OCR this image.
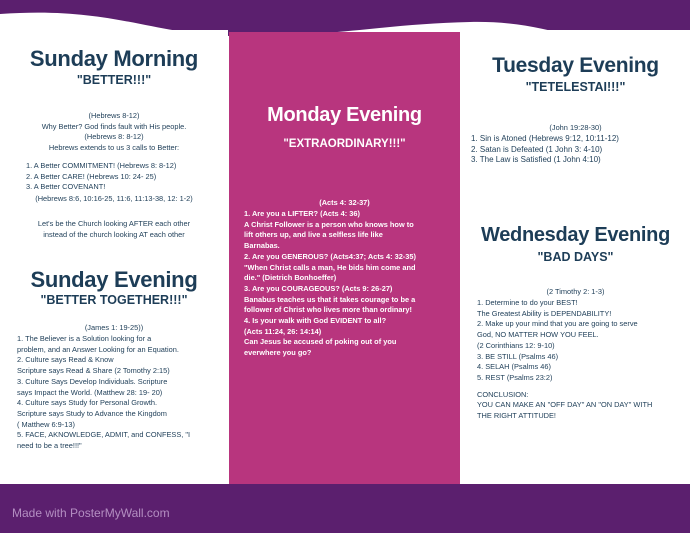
Sunday Morning
"BETTER!!!"
(Hebrews 8-12)
Why Better? God finds fault with His people.
(Hebrews 8: 8-12)
Hebrews extends to us 3 calls to Better:
1. A Better COMMITMENT! (Hebrews 8: 8-12)
2. A Better CARE! (Hebrews 10: 24- 25)
3. A Better COVENANT!
(Hebrews 8:6, 10:16-25, 11:6, 11:13-38, 12: 1-2)
Let's be the Church looking AFTER each other
instead of the church looking AT each other
Sunday Evening
"BETTER TOGETHER!!!"
(James 1: 19-25))
1. The Believer is a Solution looking for a
problem, and an Answer Looking for an Equation.
2. Culture says Read & Know
Scripture says Read & Share (2 Tomothy 2:15)
3. Culture Says Develop Individuals. Scripture
says Impact the World. (Matthew 28: 19- 20)
4. Culture says Study for Personal Growth.
Scripture says Study to Advance the Kingdom
( Matthew 6:9-13)
5. FACE, AKNOWLEDGE, ADMIT, and CONFESS, "I
need to be a tree!!!"
Monday Evening
"EXTRAORDINARY!!!"
(Acts 4: 32-37)
1. Are you a LIFTER? (Acts 4: 36)
A Christ Follower is a person who knows how to
lift others up, and live a selfless life like
Barnabas.
2. Are you GENEROUS? (Acts4:37; Acts 4: 32-35)
"When Christ calls a man, He bids him come and
die." (Dietrich Bonhoeffer)
3. Are you COURAGEOUS? (Acts 9: 26-27)
Banabus teaches us that it takes courage to be a
follower of Christ who lives more than ordinary!
4. Is your walk with God EVIDENT to all?
(Acts 11:24, 26: 14:14)
Can Jesus be accused of poking out of you
everwhere you go?
Tuesday Evening
"TETELESTAI!!!"
(John 19:28-30)
1. Sin is Atoned (Hebrews 9:12, 10:11-12)
2. Satan is Defeated (1 John 3: 4-10)
3. The Law is Satisfied (1 John 4:10)
Wednesday Evening
"BAD DAYS"
(2 Timothy 2: 1-3)
1. Determine to do your BEST!
The Greatest Ability is DEPENDABILITY!
2. Make up your mind that you are going to serve
God, NO MATTER HOW YOU FEEL.
(2 Corinthians 12: 9-10)
3. BE STILL (Psalms 46)
4. SELAH (Psalms 46)
5. REST (Psalms 23:2)
CONCLUSION:
YOU CAN MAKE AN "OFF DAY" AN "ON DAY" WITH
THE RIGHT ATTITUDE!
Made with PosterMyWall.com
